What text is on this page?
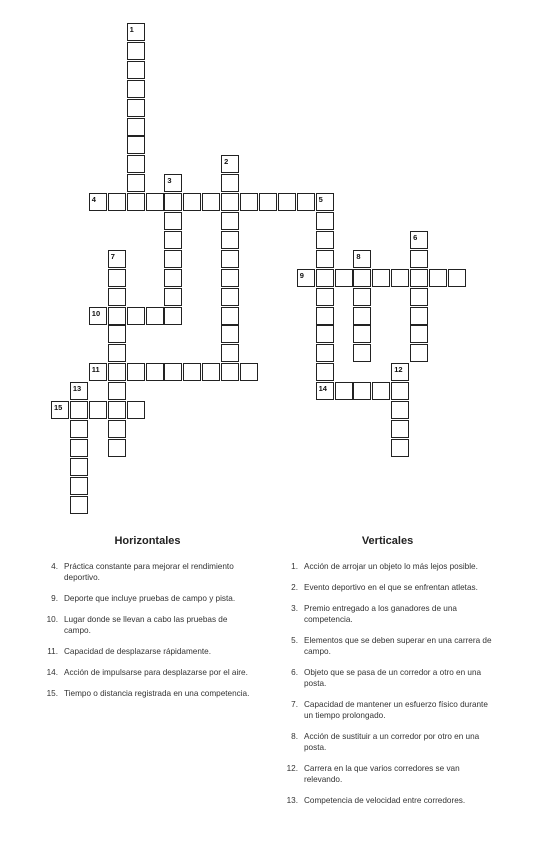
1
2
3
4	5
6
7	8
9
10
11	12
13	14
15
Horizontales
4. Práctica constante para mejorar el rendimiento deportivo.
9. Deporte que incluye pruebas de campo y pista.
10. Lugar donde se llevan a cabo las pruebas de campo.
11. Capacidad de desplazarse rápidamente.
14. Acción de impulsarse para desplazarse por el aire.
15. Tiempo o distancia registrada en una competencia.
Verticales
1. Acción de arrojar un objeto lo más lejos posible.
2. Evento deportivo en el que se enfrentan atletas.
3. Premio entregado a los ganadores de una competencia.
5. Elementos que se deben superar en una carrera de campo.
6. Objeto que se pasa de un corredor a otro en una posta.
7. Capacidad de mantener un esfuerzo físico durante un tiempo prolongado.
8. Acción de sustituir a un corredor por otro en una posta.
12. Carrera en la que varios corredores se van relevando.
13. Competencia de velocidad entre corredores.
